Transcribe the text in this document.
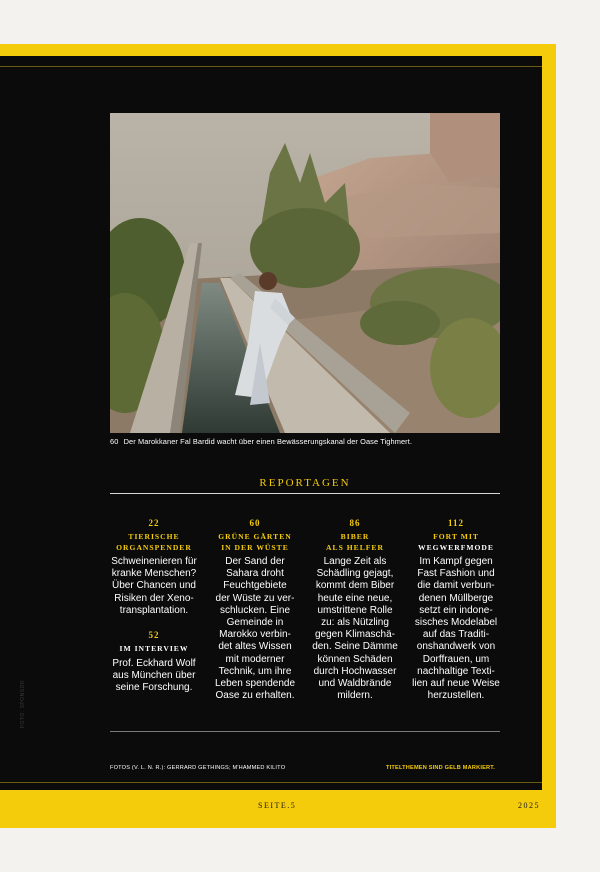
60 Der Marokkaner Fal Bardid wacht über einen Bewässerungskanal der Oase Tighmert.
REPORTAGEN
22
TIERISCHE
ORGANSPENDER
Schweinenieren für
kranke Menschen?
Über Chancen und
Risiken der Xeno-
transplantation.
52
IM INTERVIEW
Prof. Eckhard Wolf
aus München über
seine Forschung.
60
GRÜNE GÄRTEN
IN DER WÜSTE
Der Sand der
Sahara droht
Feuchtgebiete
der Wüste zu ver-
schlucken. Eine
Gemeinde in
Marokko verbin-
det altes Wissen
mit moderner
Technik, um ihre
Leben spendende
Oase zu erhalten.
86
BIBER
ALS HELFER
Lange Zeit als
Schädling gejagt,
kommt dem Biber
heute eine neue,
umstrittene Rolle
zu: als Nützling
gegen Klimaschä-
den. Seine Dämme
können Schäden
durch Hochwasser
und Waldbrände
mildern.
112
FORT MIT
WEGWERFMODE
Im Kampf gegen
Fast Fashion und
die damit verbun-
denen Müllberge
setzt ein indone-
sisches Modelabel
auf das Traditi-
onshandwerk von
Dorffrauen, um
nachhaltige Texti-
lien auf neue Weise
herzustellen.
FOTOS (V. L. N. R.): GERRARD GETHINGS; M'HAMMED KILITO	TITELTHEMEN SIND GELB MARKIERT.
FOTO: SPONSOR
SEITE.5	2025
